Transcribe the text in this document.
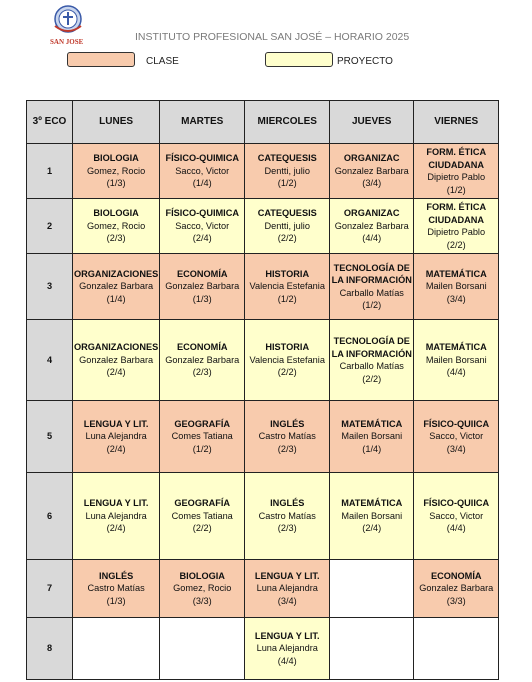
SAN JOSE	INSTITUTO PROFESIONAL SAN JOSÉ – HORARIO 2025
CLASE	PROYECTO
3º ECO	LUNES	MARTES	MIERCOLES	JUEVES	VIERNES
1	BIOLOGIA
Gomez, Rocio
(1/3)	FÍSICO-QUIMICA
Sacco, Victor
(1/4)	CATEQUESIS
Dentti, julio
(1/2)	ORGANIZAC
Gonzalez Barbara
(3/4)	FORM. ÉTICA CIUDADANA
Dipietro Pablo
(1/2)

2	BIOLOGIA
Gomez, Rocio
(2/3)	FÍSICO-QUIMICA
Sacco, Victor
(2/4)	CATEQUESIS
Dentti, julio
(2/2)	ORGANIZAC
Gonzalez Barbara
(4/4)	FORM. ÉTICA CIUDADANA
Dipietro Pablo
(2/2)

3	ORGANIZACIONES
Gonzalez Barbara
(1/4)	ECONOMÍA
Gonzalez Barbara
(1/3)	HISTORIA
Valencia Estefania
(1/2)	TECNOLOGÍA DE LA INFORMACIÓN
Carballo Matías
(1/2)	MATEMÁTICA
Mailen Borsani
(3/4)

4	ORGANIZACIONES
Gonzalez Barbara
(2/4)	ECONOMÍA
Gonzalez Barbara
(2/3)	HISTORIA
Valencia Estefania
(2/2)	TECNOLOGÍA DE LA INFORMACIÓN
Carballo Matías
(2/2)	MATEMÁTICA
Mailen Borsani
(4/4)

5	LENGUA Y LIT.
Luna Alejandra
(2/4)	GEOGRAFÍA
Comes Tatiana
(1/2)	INGLÉS
Castro Matías
(2/3)	MATEMÁTICA
Mailen Borsani
(1/4)	FÍSICO-QUIICA
Sacco, Victor
(3/4)

6	LENGUA Y LIT.
Luna Alejandra
(2/4)	GEOGRAFÍA
Comes Tatiana
(2/2)	INGLÉS
Castro Matías
(2/3)	MATEMÁTICA
Mailen Borsani
(2/4)	FÍSICO-QUIICA
Sacco, Victor
(4/4)

7	INGLÉS
Castro Matías
(1/3)	BIOLOGIA
Gomez, Rocio
(3/3)	LENGUA Y LIT.
Luna Alejandra
(3/4)		ECONOMÍA
Gonzalez Barbara
(3/3)

8			LENGUA Y LIT.
Luna Alejandra
(4/4)		
